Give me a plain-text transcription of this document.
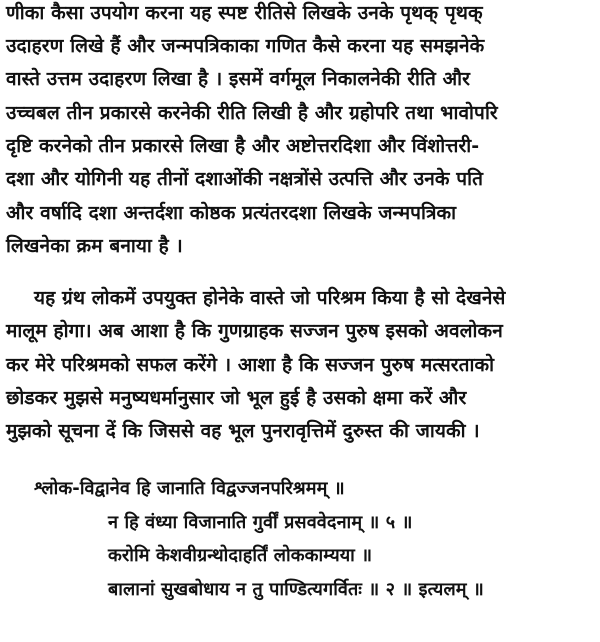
णीका कैसा उपयोग करना यह स्पष्ट रीतिसे लिखके उनके पृथक् पृथक्
उदाहरण लिखे हैं और जन्मपत्रिकाका गणित कैसे करना यह समझनेके
वास्ते उत्तम उदाहरण लिखा है । इसमें वर्गमूल निकालनेकी रीति और
उच्चबल तीन प्रकारसे करनेकी रीति लिखी है और ग्रहोपरि तथा भावोपरि
दृष्टि करनेको तीन प्रकारसे लिखा है और अष्टोत्तरदिशा और विंशोत्तरी-
दशा और योगिनी यह तीनों दशाओंकी नक्षत्रोंसे उत्पत्ति और उनके पति
और वर्षादि दशा अन्तर्दशा कोष्ठक प्रत्यंतरदशा लिखके जन्मपत्रिका
लिखनेका क्रम बनाया है ।
यह ग्रंथ लोकमें उपयुक्त होनेके वास्ते जो परिश्रम किया है सो देखनेसे
मालूम होगा। अब आशा है कि गुणग्राहक सज्जन पुरुष इसको अवलोकन
कर मेरे परिश्रमको सफल करेंगे । आशा है कि सज्जन पुरुष मत्सरताको
छोडकर मुझसे मनुष्यधर्मानुसार जो भूल हुई है उसको क्षमा करें और
मुझको सूचना दें कि जिससे वह भूल पुनरावृत्तिमें दुरुस्त की जायकी ।
श्लोक-विद्वानेव हि जानाति विद्वज्जनपरिश्रमम् ॥
न हि वंध्या विजानाति गुर्वीं प्रसववेदनाम् ॥ ५ ॥
करोमि केशवीग्रन्थोदाहर्तिं लोककाम्यया ॥
बालानां सुखबोधाय न तु पाण्डित्यगर्वितः ॥ २ ॥ इत्यलम् ॥
